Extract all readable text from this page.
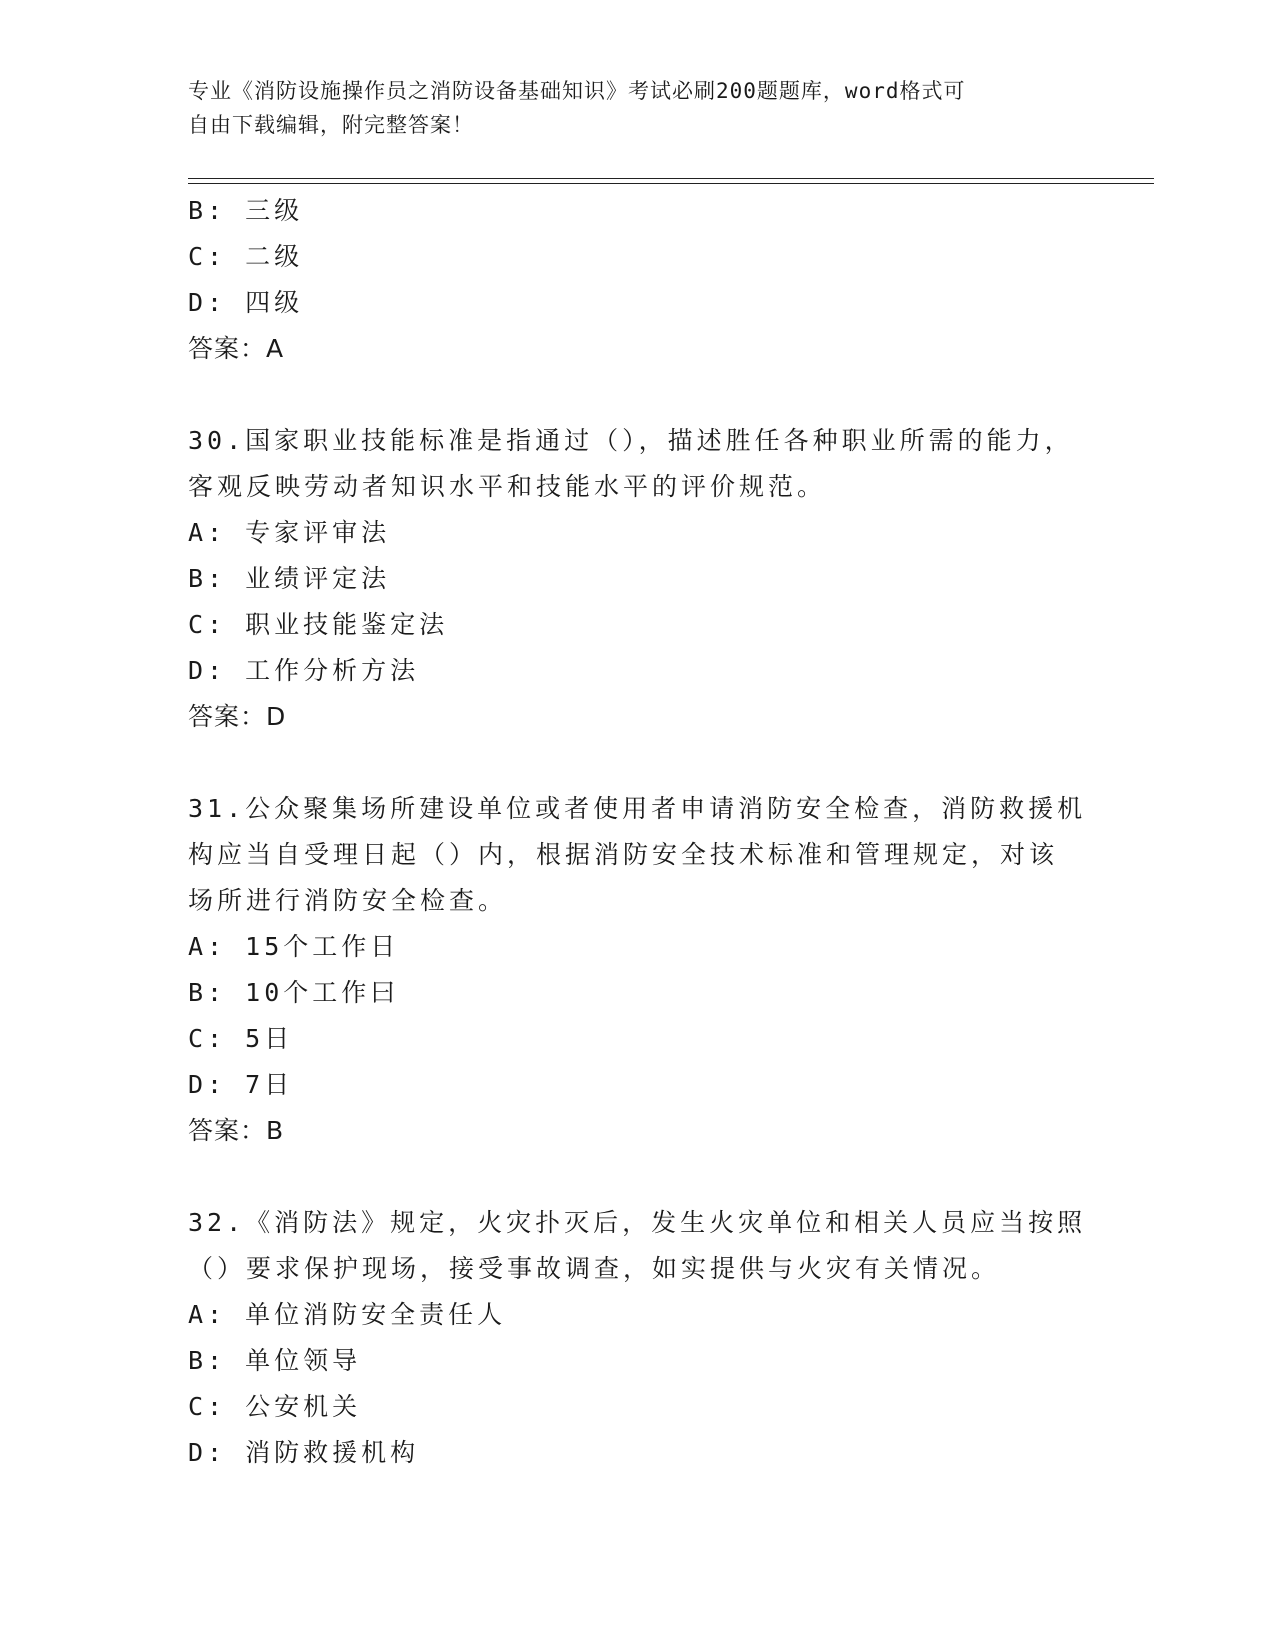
专业《消防设施操作员之消防设备基础知识》考试必刷200题题库，word格式可
自由下载编辑，附完整答案！
B: 三级
C: 二级
D: 四级
答案：A
30.国家职业技能标准是指通过（），描述胜任各种职业所需的能力，
客观反映劳动者知识水平和技能水平的评价规范。
A: 专家评审法
B: 业绩评定法
C: 职业技能鉴定法
D: 工作分析方法
答案：D
31.公众聚集场所建设单位或者使用者申请消防安全检查，消防救援机
构应当自受理日起（）内，根据消防安全技术标准和管理规定，对该
场所进行消防安全检查。
A: 15个工作日
B: 10个工作曰
C: 5日
D: 7日
答案：B
32.《消防法》规定，火灾扑灭后，发生火灾单位和相关人员应当按照
（）要求保护现场，接受事故调查，如实提供与火灾有关情况。
A: 单位消防安全责任人
B: 单位领导
C: 公安机关
D: 消防救援机构
